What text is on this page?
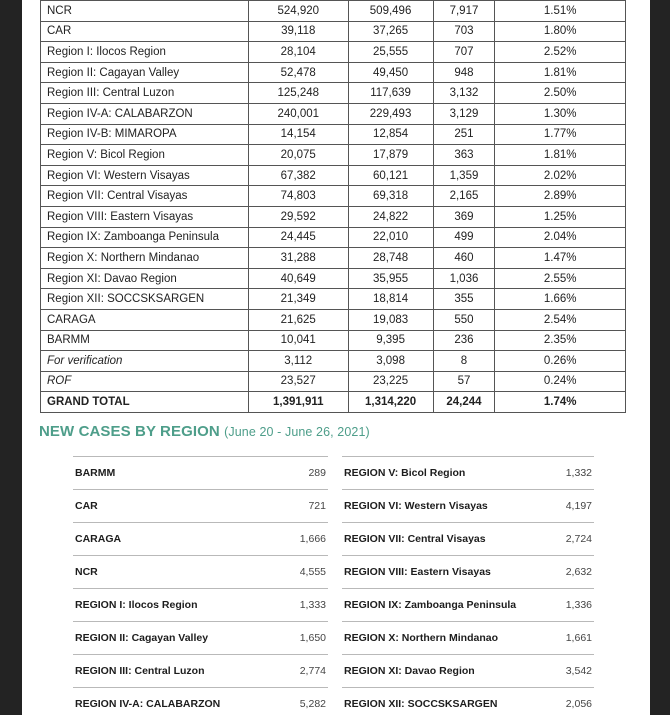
NCR	524,920	509,496	7,917	1.51%
CAR	39,118	37,265	703	1.80%
Region I: Ilocos Region	28,104	25,555	707	2.52%
Region II: Cagayan Valley	52,478	49,450	948	1.81%
Region III: Central Luzon	125,248	117,639	3,132	2.50%
Region IV-A: CALABARZON	240,001	229,493	3,129	1.30%
Region IV-B: MIMAROPA	14,154	12,854	251	1.77%
Region V: Bicol Region	20,075	17,879	363	1.81%
Region VI: Western Visayas	67,382	60,121	1,359	2.02%
Region VII: Central Visayas	74,803	69,318	2,165	2.89%
Region VIII: Eastern Visayas	29,592	24,822	369	1.25%
Region IX: Zamboanga Peninsula	24,445	22,010	499	2.04%
Region X: Northern Mindanao	31,288	28,748	460	1.47%
Region XI: Davao Region	40,649	35,955	1,036	2.55%
Region XII: SOCCSKSARGEN	21,349	18,814	355	1.66%
CARAGA	21,625	19,083	550	2.54%
BARMM	10,041	9,395	236	2.35%
For verification	3,112	3,098	8	0.26%
ROF	23,527	23,225	57	0.24%
GRAND TOTAL	1,391,911	1,314,220	24,244	1.74%
NEW CASES BY REGION (June 20 - June 26, 2021)
BARMM	289
CAR	721
CARAGA	1,666
NCR	4,555
REGION I: Ilocos Region	1,333
REGION II: Cagayan Valley	1,650
REGION III: Central Luzon	2,774
REGION IV-A: CALABARZON	5,282
REGION V: Bicol Region	1,332
REGION VI: Western Visayas	4,197
REGION VII: Central Visayas	2,724
REGION VIII: Eastern Visayas	2,632
REGION IX: Zamboanga Peninsula	1,336
REGION X: Northern Mindanao	1,661
REGION XI: Davao Region	3,542
REGION XII: SOCCSKSARGEN	2,056
